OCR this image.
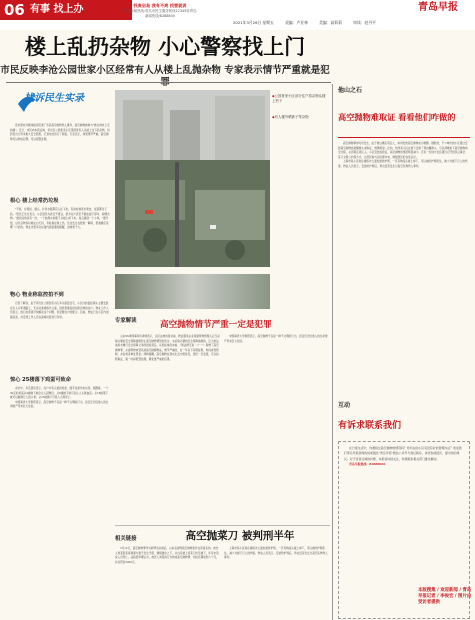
06 有事 找上办	找麦启岛 我有不爽 找要就讲
民生新闻热线:青岛市民生服务热线12345转青岛
新闻热线/8288800
青岛早报
2021年3月26日 星期五	责编：卢亚林	美编：高莉莉	审读：赵丹平
楼上乱扔杂物 小心警察找上门
市民反映李沧公园世家小区经常有人从楼上乱抛杂物 专家表示情节严重就是犯
找诉民生实录

近来国内外媒体接连报道了多起高空抛物伤人事件，高空抛物被称为"悬在城市上空的痛"。近日，市民向本报反映，李沧区公园世家小区里经常有人从楼上往下扔杂物，给居民出行带来极大安全隐患。记者对此进行了调查，专家表示，如果情节严重，高空抛物可以构成犯罪，可以报警处理。

根心 楼上经常扔垃圾

"平常，垃圾袋、烟头、矿泉水瓶都有人往下扔，有的时候连水果皮、饭菜都往下扔。"居民王先生表示，小区居民为此苦不堪言，很多住户甚至不敢在楼下停车、晾晒衣物。"最危险的是有一次，一个装满水的瓶子从楼上掉下来，差点砸到一个小孩。"据介绍，这些杂物有时候在白天扔，有时候在晚上扔，往往发生在短短一瞬间，很难确定是哪一户扔的。物业也曾多次在楼内张贴通知提醒，但效果不大。

物心 物业称监控拍不到

记者了解到，由于李沧区公园世家小区多为高层住宅，小区内的监控探头主要安装在出入口和道路上，无法对准楼栋外立面，因此很难查找到扔杂物的住户。物业工作人员表示，他们也希望尽快解决这个问题，但需要住户的配合。目前，物业已在小区内加强巡查，并安排工作人员在高峰时段进行劝导。

惊心 25楼落下鸡蛋可致命

采访中，多名居民表示，住户中有人素质较差，随手往窗外扔东西。据测算，一个30克的鸡蛋从4楼抛下就会让人起肿包；从8楼抛下就可以让人头破血流；从18楼甩下就可以砸破行人的头骨；从25楼抛下可使人当场死亡。

中国海洋大学教授表示，高空抛物不仅是一种不文明的行为，而且还会给他人的生命财产带来巨大危险。

◆公园世家小区部分住户将杂物从楼上扔下
◆有人楼外晒被子等杂物
专家解读	高空抛物情节严重一定是犯罪

山东XX律师事务所律师表示，从民法典角度来看，物业服务企业等建筑物管理人应当采取必要的安全保障措施防止高空抛物情形的发生；未采取必要的安全保障措施的，应当依法承担未履行安全保障义务的侵权责任。从刑法角度来看，《刑法修正案（十一）》新增了高空抛物罪，从建筑物或者其他高空抛掷物品，情节严重的，处一年以下有期徒刑、拘役或者管制，并处或者单处罚金。律师提醒，高空抛物在现实生活中很常见，居民一旦发现，可以拍照取证，第一时间报警处理，避免更严重的后果。

中国海洋大学教授表示，高空抛物不仅是一种不文明的行为，而且还会给他人的生命财产带来巨大危险。

相关链接	高空抛菜刀 被判刑半年

3月12日，高空抛物罪作为新罪名实施后，山东省首例高空抛物案件在济南宣判。被告人刘某因家庭琐事与妻子发生矛盾，情绪激动之下，从自家楼上将菜刀扔至楼下，所幸未造成人员伤亡。法院经审理认为，被告人刘某的行为构成高空抛物罪，判处有期徒刑六个月，并处罚金2000元。

上海市某小区则在楼栋外立面加装防护网，一旦有物品从楼上掉下，可以被防护网兜住，减少对楼下行人的伤害。物业人员表示，安装防护网后，再也没有发生过高空坠物伤人事件。

他山之石
高空抛物难取证 看看他们咋做的

高空抛物事件时有发生，由于难以确定责任人，如何杜绝高空抛物成为难题。据报道，不少城市的小区通过安装高空抛物监控摄像头来取证，效果明显。比如，杭州某小区在楼下安装了仰拍摄像头，可以清晰拍下高空抛物的全过程，从而锁定责任人。小区安装监控后，高空抛物的情况明显减少。还有一些地方社区通过召开居民议事会、签订文明公约等方式，让居民参与到治理中来，增强居民的自觉意识。

上海市某小区则在楼栋外立面加装防护网，一旦有物品从楼上掉下，可以被防护网兜住，减少对楼下行人的伤害。物业人员表示，安装防护网后，再也没有发生过高空坠物伤人事件。

互动
有诉求联系我们

在日常生活中，你遇到过高空抛物的情况吗？你所在的小区有没有好的管理办法？欢迎拨打青岛早报新闻热线或通过"青岛早报"微信公众号与我们联系，讲述你的经历，提出你的建议。对于读者反映的问题，本报将持续关注，积极联系相关部门推动解决。

青岛早报热线：82888000

本版搜集 / 欢迎新闻 / 青岛早报记者 / 李俊宏 / 图片由受访者提供
